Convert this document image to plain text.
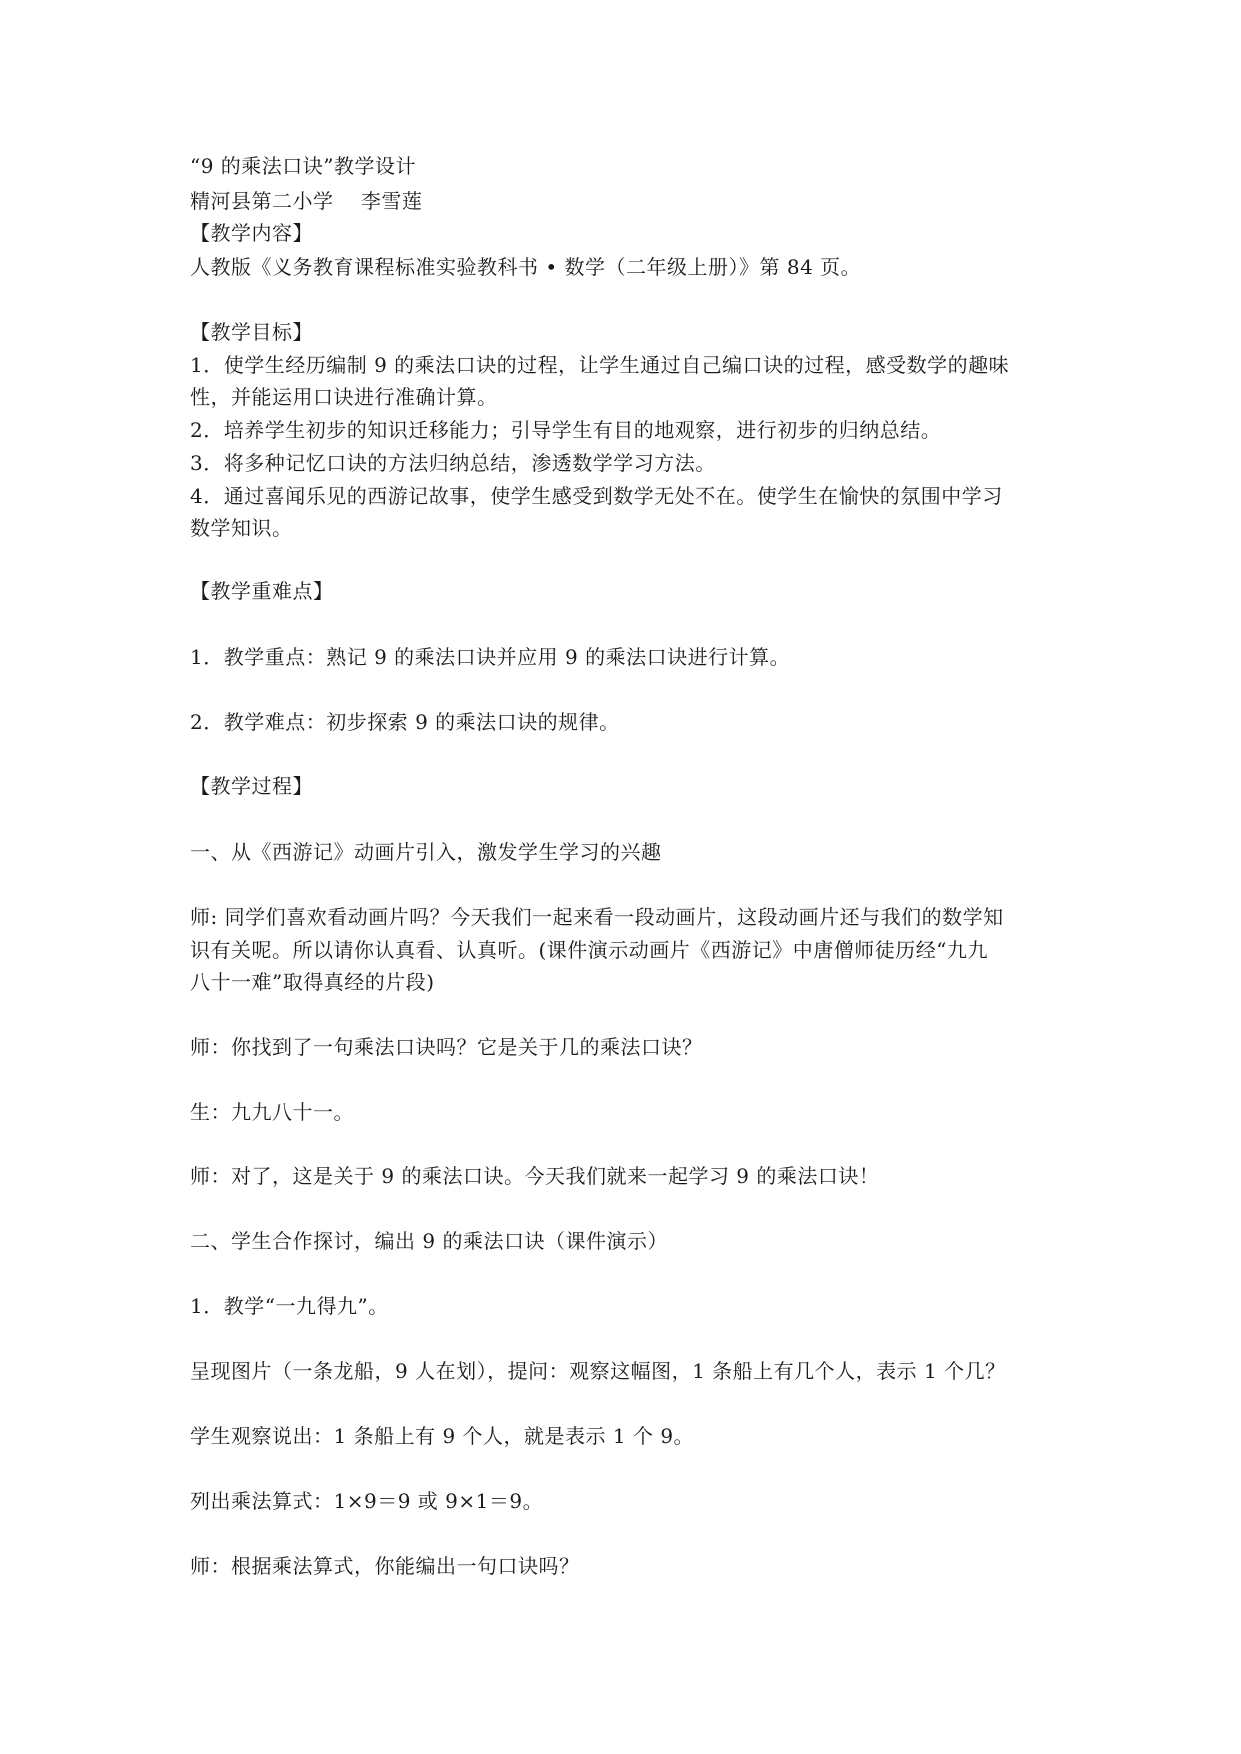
“9 的乘法口诀”教学设计
精河县第二小学　 李雪莲
【教学内容】
人教版《义务教育课程标准实验教科书 • 数学（二年级上册）》第 84 页。
【教学目标】
1．使学生经历编制 9 的乘法口诀的过程，让学生通过自己编口诀的过程，感受数学的趣味
性，并能运用口诀进行准确计算。
2．培养学生初步的知识迁移能力；引导学生有目的地观察，进行初步的归纳总结。
3．将多种记忆口诀的方法归纳总结，渗透数学学习方法。
4．通过喜闻乐见的西游记故事，使学生感受到数学无处不在。使学生在愉快的氛围中学习
数学知识。
【教学重难点】
1．教学重点：熟记 9 的乘法口诀并应用 9 的乘法口诀进行计算。
2．教学难点：初步探索 9 的乘法口诀的规律。
【教学过程】
一、从《西游记》动画片引入，激发学生学习的兴趣
师: 同学们喜欢看动画片吗？今天我们一起来看一段动画片，这段动画片还与我们的数学知
识有关呢。所以请你认真看、认真听。(课件演示动画片《西游记》中唐僧师徒历经“九九
八十一难”取得真经的片段)
师：你找到了一句乘法口诀吗？它是关于几的乘法口诀？
生：九九八十一。
师：对了，这是关于 9 的乘法口诀。今天我们就来一起学习 9 的乘法口诀！
二、学生合作探讨，编出 9 的乘法口诀（课件演示）
1．教学“一九得九”。
呈现图片（一条龙船，9 人在划），提问：观察这幅图，1 条船上有几个人，表示 1 个几？
学生观察说出：1 条船上有 9 个人，就是表示 1 个 9。
列出乘法算式：1×9＝9 或 9×1＝9。
师：根据乘法算式，你能编出一句口诀吗？
